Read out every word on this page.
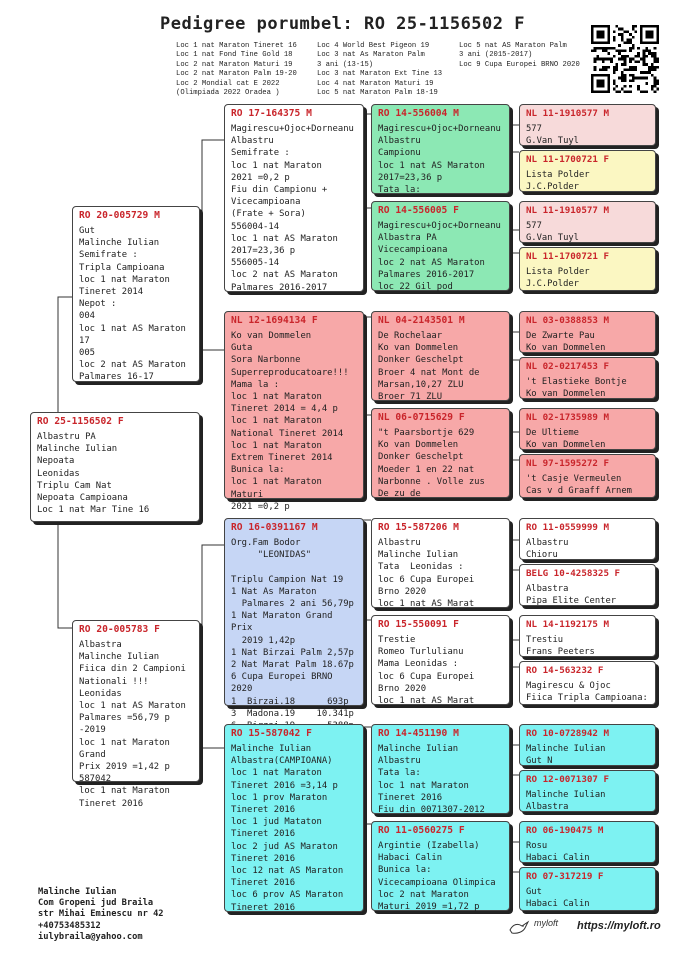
Pedigree porumbel: RO 25-1156502 F
Loc 1 nat Maraton Tineret 16
Loc 1 nat Fond Tine Gold 18
Loc 2 nat Maraton Maturi 19
Loc 2 nat Maraton Palm 19-20
Loc 2 Mondial cat E 2022
(Olimpiada 2022 Oradea )
Loc 4 World Best Pigeon 19
Loc 3 nat As Maraton Palm
3 ani (13-15)
Loc 3 nat Maraton Ext Tine 13
Loc 4 nat Maraton Maturi 19
Loc 5 nat Maraton Palm 18-19
Loc 5 nat AS Maraton Palm
3 ani (2015-2017)
Loc 9 Cupa Europei BRNO 2020
RO 25-1156502 F
Albastru PA
Malinche Iulian
Nepoata
Leonidas
Triplu Cam Nat
Nepoata Campioana
Loc 1 nat Mar Tine 16
RO 20-005729 M
Gut
Malinche Iulian
Semifrate :
Tripla Campioana
loc 1 nat Maraton
Tineret 2014
Nepot :
004
loc 1 nat AS Maraton 17
005
loc 2 nat AS Maraton
Palmares 16-17
RO 20-005783 F
Albastra
Malinche Iulian
Fiica din 2 Campioni
Nationali !!!
Leonidas
loc 1 nat AS Maraton
Palmares =56,79 p -2019
loc 1 nat Maraton Grand
Prix 2019 =1,42 p
587042
loc 1 nat Maraton
Tineret 2016
RO 17-164375 M
Magirescu+Ojoc+Dorneanu
Albastru
Semifrate :
loc 1 nat Maraton
2021 =0,2 p
Fiu din Campionu +
Vicecampioana
(Frate + Sora)
556004-14
loc 1 nat AS Maraton
2017=23,36 p
556005-14
loc 2 nat AS Maraton
Palmares 2016-2017
NL 12-1694134 F
Ko van Dommelen
Guta
Sora Narbonne
Superreproducatoare!!!
Mama la :
loc 1 nat Maraton
Tineret 2014 = 4,4 p
loc 1 nat Maraton
National Tineret 2014
loc 1 nat Maraton
Extrem Tineret 2014
Bunica la:
loc 1 nat Maraton Maturi
2021 =0,2 p
RO 16-0391167 M
Org.Fam Bodor
"LEONIDAS"

Triplu Campion Nat 19
1 Nat As Maraton
Palmares 2 ani 56,79p
1 Nat Maraton Grand Prix
2019 1,42p
1 Nat Birzai Palm 2,57p
2 Nat Marat Palm 18.67p
6 Cupa Europei BRNO 2020
1  Birzai.18      693p
3  Madona.19    10.341p

RO 15-587042 F
Malinche Iulian
Albastra(CAMPIOANA)
loc 1 nat Maraton
Tineret 2016 =3,14 p
loc 1 prov Maraton
Tineret 2016
loc 1 jud Mataton
Tineret 2016
loc 2 jud AS Maraton
Tineret 2016
loc 12 nat AS Maraton
Tineret 2016
loc 6 prov AS Maraton
Tineret 2016
RO 14-556004 M
Magirescu+Ojoc+Dorneanu
Albastru
Campionu
loc 1 nat AS Maraton
2017=23,36 p
Tata la:
RO 14-556005 F
Magirescu+Ojoc+Dorneanu
Albastra PA
Vicecampioana
loc 2 nat AS Maraton
Palmares 2016-2017
loc 22 Gil pod
NL 04-2143501 M
De Rochelaar
Ko van Dommelen
Donker Geschelpt
Broer 4 nat Mont de
Marsan,10,27 ZLU
Broer 71 ZLU
NL 06-0715629 F
"t Paarsbortje 629
Ko van Dommelen
Donker Geschelpt
Moeder 1 en 22 nat
Narbonne . Volle zus
De zu de
RO 15-587206 M
Albastru
Malinche Iulian
Tata  Leonidas :
loc 6 Cupa Europei
Brno 2020
loc 1 nat AS Marat
RO 15-550091 F
Trestie
Romeo Turlulianu
Mama Leonidas :
loc 6 Cupa Europei
Brno 2020
loc 1 nat AS Marat
RO 14-451190 M
Malinche Iulian
Albastru
Tata la:
loc 1 nat Maraton
Tineret 2016
Fiu din 0071307-2012
RO 11-0560275 F
Argintie (Izabella)
Habaci Calin
Bunica la:
Vicecampioana Olimpica
loc 2 nat Maraton
Maturi 2019 =1,72 p
NL 11-1910577 M
577
G.Van Tuyl
NL 11-1700721 F
Lista Polder
J.C.Polder
NL 11-1910577 M
577
G.Van Tuyl
NL 11-1700721 F
Lista Polder
J.C.Polder
NL 03-0388853 M
De Zwarte Pau
Ko van Dommelen
NL 02-0217453 F
't Elastieke Bontje
Ko van Dommelen
NL 02-1735989 M
De Ultieme
Ko van Dommelen
NL 97-1595272 F
't Casje Vermeulen
Cas v d Graaff Arnem
RO 11-0559999 M
Albastru
Chioru
BELG 10-4258325 F
Albastra
Pipa Elite Center
NL 14-1192175 M
Trestiu
Frans Peeters
RO 14-563232 F
Magirescu & Ojoc
Fiica Tripla Campioana:
RO 10-0728942 M
Malinche Iulian
Gut N
RO 12-0071307 F
Malinche Iulian
Albastra
RO 06-190475 M
Rosu
Habaci Calin
RO 07-317219 F
Gut
Habaci Calin
Malinche Iulian
Com Gropeni jud Braila
str Mihai Eminescu nr 42
+40753485312
iulybraila@yahoo.com
myloft https://myloft.ro
